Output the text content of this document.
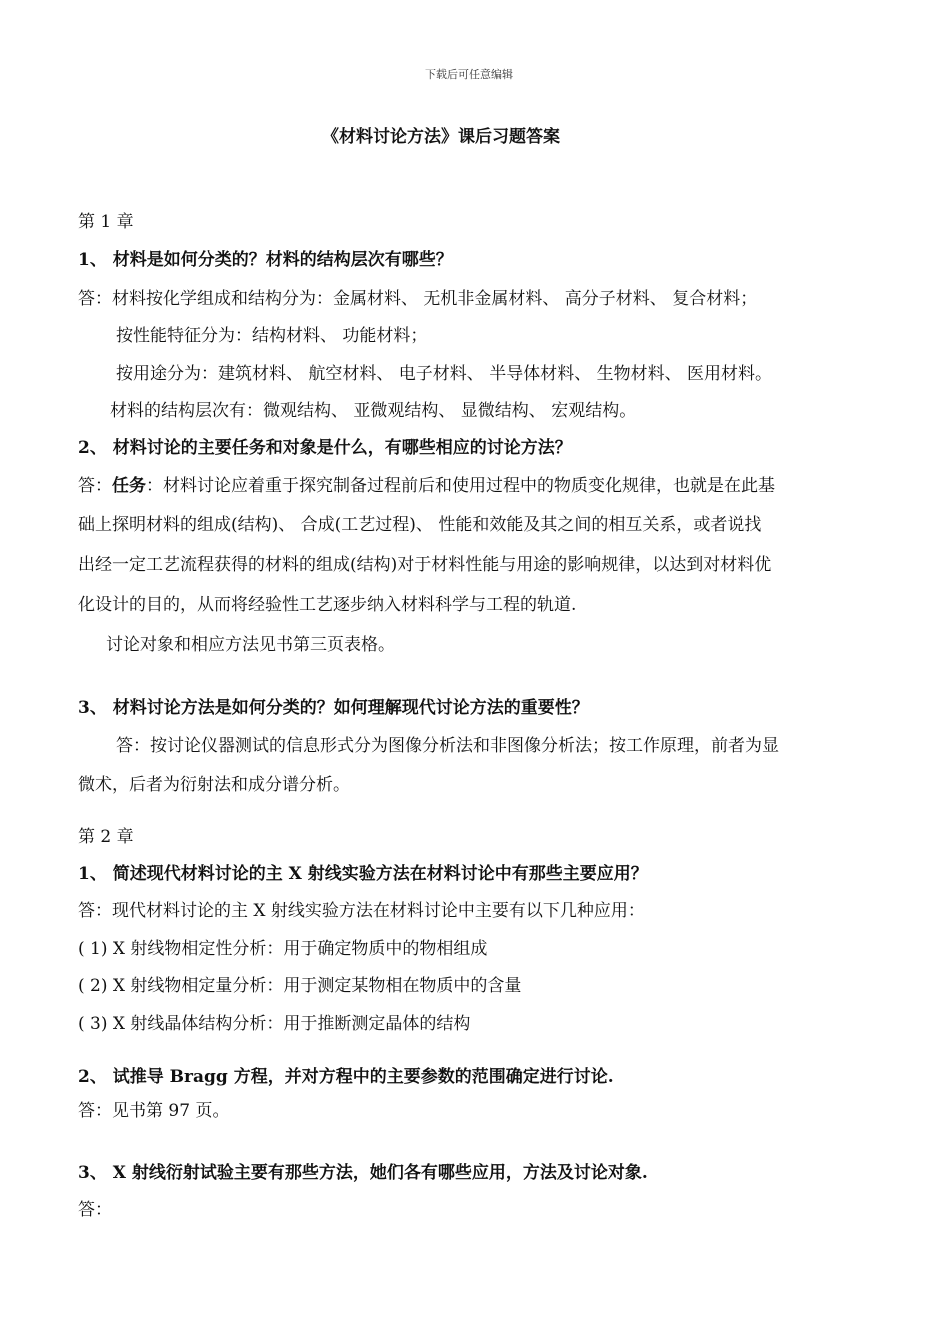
下载后可任意编辑
《材料讨论方法》课后习题答案
第 1 章
1、 材料是如何分类的？材料的结构层次有哪些？
答：材料按化学组成和结构分为：金属材料、 无机非金属材料、 高分子材料、 复合材料；
按性能特征分为：结构材料、 功能材料；
按用途分为：建筑材料、 航空材料、 电子材料、 半导体材料、 生物材料、 医用材料。
材料的结构层次有：微观结构、 亚微观结构、 显微结构、 宏观结构。
2、 材料讨论的主要任务和对象是什么，有哪些相应的讨论方法？
答：任务：材料讨论应着重于探究制备过程前后和使用过程中的物质变化规律，也就是在此基
础上探明材料的组成(结构)、 合成(工艺过程)、 性能和效能及其之间的相互关系，或者说找
出经一定工艺流程获得的材料的组成(结构)对于材料性能与用途的影响规律，以达到对材料优
化设计的目的，从而将经验性工艺逐步纳入材料科学与工程的轨道.
讨论对象和相应方法见书第三页表格。
3、 材料讨论方法是如何分类的？如何理解现代讨论方法的重要性？
答：按讨论仪器测试的信息形式分为图像分析法和非图像分析法；按工作原理，前者为显
微术，后者为衍射法和成分谱分析。
第 2 章
1、 简述现代材料讨论的主 X 射线实验方法在材料讨论中有那些主要应用？
答：现代材料讨论的主 X 射线实验方法在材料讨论中主要有以下几种应用：
( 1) X 射线物相定性分析：用于确定物质中的物相组成
( 2) X 射线物相定量分析：用于测定某物相在物质中的含量
( 3) X 射线晶体结构分析：用于推断测定晶体的结构
2、 试推导 Bragg 方程，并对方程中的主要参数的范围确定进行讨论.
答：见书第 97 页。
3、 X 射线衍射试验主要有那些方法，她们各有哪些应用，方法及讨论对象.
答：
